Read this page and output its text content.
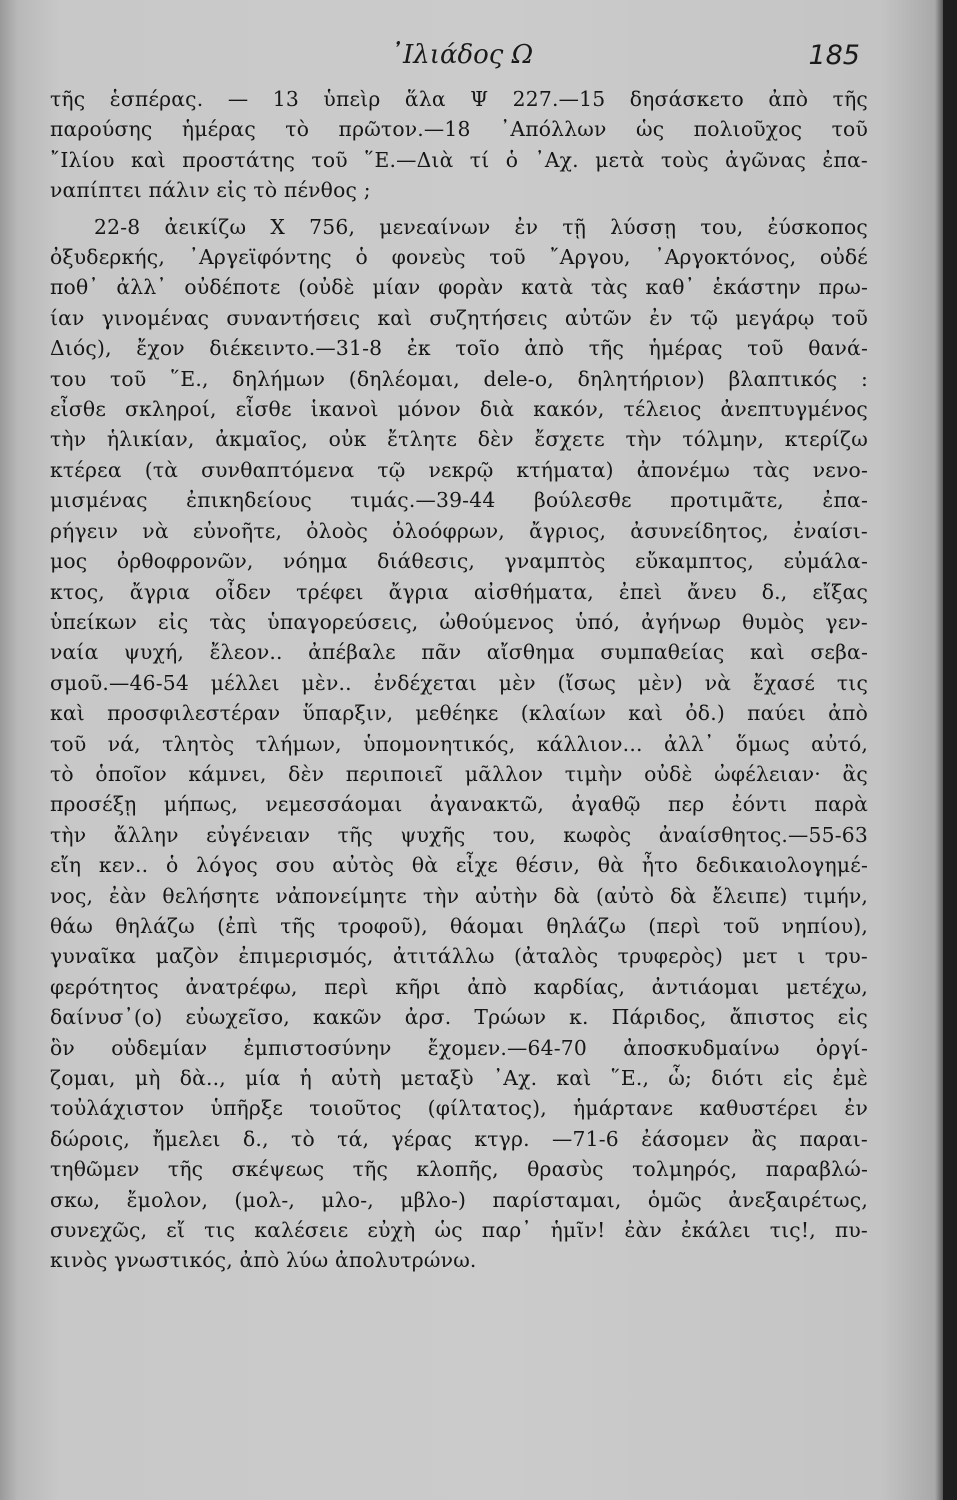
᾿Ιλιάδος Ω	185
τῆς ἑσπέρας. — 13 ὑπεὶρ ἅλα Ψ 227.—15 δησάσκετο ἀπὸ τῆς
παρούσης ἡμέρας τὸ πρῶτον.—18 ᾿Απόλλων ὡς πολιοῦχος τοῦ
῎Ιλίου καὶ προστάτης τοῦ ῞Ε.—Διὰ τί ὁ ᾿Αχ. μετὰ τοὺς ἀγῶνας ἐπα-
ναπίπτει πάλιν εἰς τὸ πένθος ;
22-8 ἀεικίζω Χ 756, μενεαίνων ἐν τῇ λύσσῃ του, ἐύσκοπος
ὀξυδερκής, ᾿Αργεϊφόντης ὁ φονεὺς τοῦ ῎Αργου, ᾿Αργοκτόνος, οὐδέ
ποθ᾿ ἀλλ᾿ οὐδέποτε (οὐδὲ μίαν φορὰν κατὰ τὰς καθ᾿ ἑκάστην πρω-
ίαν γινομένας συναντήσεις καὶ συζητήσεις αὐτῶν ἐν τῷ μεγάρῳ τοῦ
Διός), ἔχον διέκειντο.—31-8 ἐκ τοῖο ἀπὸ τῆς ἡμέρας τοῦ θανά-
του τοῦ ῞Ε., δηλήμων (δηλέομαι, dele-o, δηλητήριον) βλαπτικός :
εἶσθε σκληροί, εἶσθε ἱκανοὶ μόνον διὰ κακόν, τέλειος ἀνεπτυγμένος
τὴν ἡλικίαν, ἀκμαῖος, οὐκ ἔτλητε δὲν ἔσχετε τὴν τόλμην, κτερίζω
κτέρεα (τὰ συνθαπτόμενα τῷ νεκρῷ κτήματα) ἀπονέμω τὰς νενο-
μισμένας ἐπικηδείους τιμάς.—39-44 βούλεσθε προτιμᾶτε, ἐπα-
ρήγειν νὰ εὐνοῆτε, ὀλοὸς ὀλοόφρων, ἄγριος, ἀσυνείδητος, ἐναίσι-
μος ὀρθοφρονῶν, νόημα διάθεσις, γναμπτὸς εὔκαμπτος, εὐμάλα-
κτος, ἄγρια οἶδεν τρέφει ἄγρια αἰσθήματα, ἐπεὶ ἄνευ δ., εἴξας
ὑπείκων εἰς τὰς ὑπαγορεύσεις, ὠθούμενος ὑπό, ἀγήνωρ θυμὸς γεν-
ναία ψυχή, ἔλεον.. ἀπέβαλε πᾶν αἴσθημα συμπαθείας καὶ σεβα-
σμοῦ.—46-54 μέλλει μὲν.. ἐνδέχεται μὲν (ἴσως μὲν) νὰ ἔχασέ τις
καὶ προσφιλεστέραν ὕπαρξιν, μεθέηκε (κλαίων καὶ ὀδ.) παύει ἀπὸ
τοῦ νά, τλητὸς τλήμων, ὑπομονητικός, κάλλιον... ἀλλ᾿ ὅμως αὐτό,
τὸ ὁποῖον κάμνει, δὲν περιποιεῖ μᾶλλον τιμὴν οὐδὲ ὠφέλειαν· ἂς
προσέξῃ μήπως, νεμεσσάομαι ἀγανακτῶ, ἀγαθῷ περ ἐόντι παρὰ
τὴν ἄλλην εὐγένειαν τῆς ψυχῆς του, κωφὸς ἀναίσθητος.—55-63
εἴη κεν.. ὁ λόγος σου αὐτὸς θὰ εἶχε θέσιν, θὰ ἦτο δεδικαιολογημέ-
νος, ἐὰν θελήσητε νἀπονείμητε τὴν αὐτὴν δὰ (αὐτὸ δὰ ἔλειπε) τιμήν,
θάω θηλάζω (ἐπὶ τῆς τροφοῦ), θάομαι θηλάζω (περὶ τοῦ νηπίου),
γυναῖκα μαζὸν ἐπιμερισμός, ἀτιτάλλω (ἀταλὸς τρυφερὸς) μετ ι τρυ-
φερότητος ἀνατρέφω, περὶ κῆρι ἀπὸ καρδίας, ἀντιάομαι μετέχω,
δαίνυσ᾿(ο) εὐωχεῖσο, κακῶν ἀρσ. Τρώων κ. Πάριδος, ἄπιστος εἰς
ὃν οὐδεμίαν ἐμπιστοσύνην ἔχομεν.—64-70 ἀποσκυδμαίνω ὀργί-
ζομαι, μὴ δὰ.., μία ἡ αὐτὴ μεταξὺ ᾿Αχ. καὶ ῞Ε., ὧ; διότι εἰς ἐμὲ
τοὐλάχιστον ὑπῆρξε τοιοῦτος (φίλτατος), ἡμάρτανε καθυστέρει ἐν
δώροις, ἤμελει δ., τὸ τά, γέρας κτγρ. —71-6 ἐάσομεν ἂς παραι-
τηθῶμεν τῆς σκέψεως τῆς κλοπῆς, θρασὺς τολμηρός, παραβλώ-
σκω, ἔμολον, (μολ-, μλο-, μβλο-) παρίσταμαι, ὁμῶς ἀνεξαιρέτως,
συνεχῶς, εἴ τις καλέσειε εὐχὴ ὡς παρ᾿ ἡμῖν! ἐὰν ἐκάλει τις!, πυ-
κινὸς γνωστικός, ἀπὸ λύω ἀπολυτρώνω.
